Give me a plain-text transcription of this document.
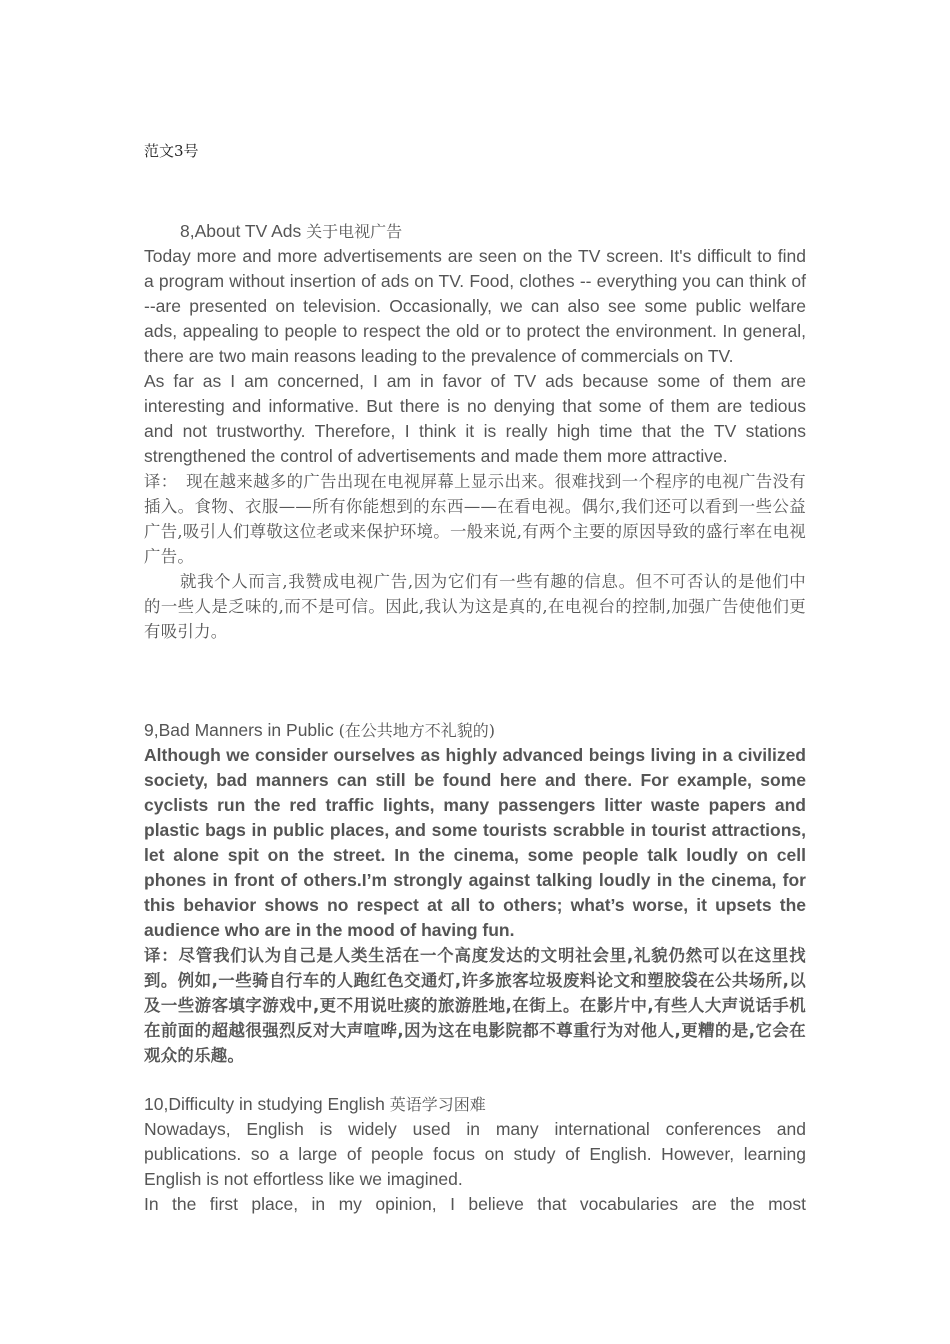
范文3号
8,About TV Ads 关于电视广告

Today more and more advertisements are seen on the TV screen. It's difficult to find a program without insertion of ads on TV. Food, clothes -- everything you can think of --are presented on television. Occasionally, we can also see some public welfare ads, appealing to people to respect the old or to protect the environment. In general, there are two main reasons leading to the prevalence of commercials on TV.

As far as I am concerned, I am in favor of TV ads because some of them are interesting and informative. But there is no denying that some of them are tedious and not trustworthy. Therefore, I think it is really high time that the TV stations strengthened the control of advertisements and made them more attractive.

译：　现在越来越多的广告出现在电视屏幕上显示出来。很难找到一个程序的电视广告没有插入。食物、衣服——所有你能想到的东西——在看电视。偶尔,我们还可以看到一些公益广告,吸引人们尊敬这位老或来保护环境。一般来说,有两个主要的原因导致的盛行率在电视广告。

就我个人而言,我赞成电视广告,因为它们有一些有趣的信息。但不可否认的是他们中的一些人是乏味的,而不是可信。因此,我认为这是真的,在电视台的控制,加强广告使他们更有吸引力。

9,Bad Manners in Public (在公共地方不礼貌的)

Although we consider ourselves as highly advanced beings living in a civilized society, bad manners can still be found here and there. For example, some cyclists run the red traffic lights, many passengers litter waste papers and plastic bags in public places, and some tourists scrabble in tourist attractions, let alone spit on the street. In the cinema, some people talk loudly on cell phones in front of others.I’m strongly against talking loudly in the cinema, for this behavior shows no respect at all to others; what’s worse, it upsets the audience who are in the mood of having fun.

译：尽管我们认为自己是人类生活在一个高度发达的文明社会里,礼貌仍然可以在这里找到。例如,一些骑自行车的人跑红色交通灯,许多旅客垃圾废料论文和塑胶袋在公共场所,以及一些游客填字游戏中,更不用说吐痰的旅游胜地,在街上。在影片中,有些人大声说话手机在前面的超越很强烈反对大声喧哗,因为这在电影院都不尊重行为对他人,更糟的是,它会在观众的乐趣。

10,Difficulty in studying English 英语学习困难

Nowadays, English is widely used in many international conferences and publications. so a large of people focus on study of English. However, learning English is not effortless like we imagined.

In the first place, in my opinion, I believe that vocabularies are the most
